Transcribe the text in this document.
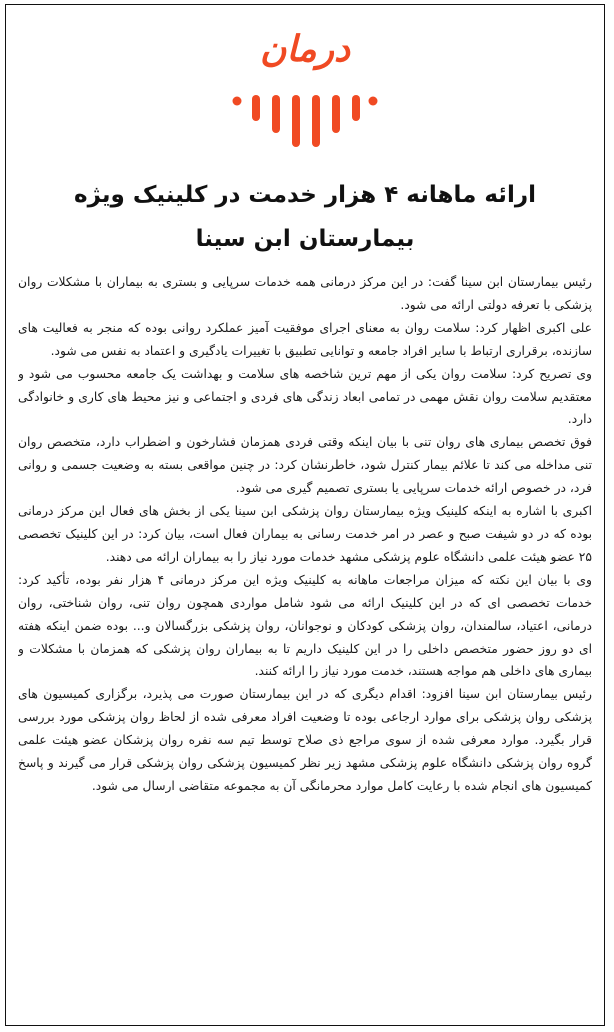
درمان
ارائه ماهانه ۴ هزار خدمت در کلینیک ویژه
بیمارستان ابن سینا

رئیس بیمارستان ابن سینا گفت: در این مرکز درمانی همه خدمات سرپایی و بستری به بیماران با مشکلات روان پزشکی با تعرفه دولتی ارائه می شود.

علی اکبری اظهار کرد: سلامت روان به معنای اجرای موفقیت آمیز عملکرد روانی بوده که منجر به فعالیت های سازنده، برقراری ارتباط با سایر افراد جامعه و توانایی تطبیق با تغییرات یادگیری و اعتماد به نفس می شود.

وی تصریح کرد: سلامت روان یکی از مهم ترین شاخصه های سلامت و بهداشت یک جامعه محسوب می شود و معتقدیم سلامت روان نقش مهمی در تمامی ابعاد زندگی های فردی و اجتماعی و نیز محیط های کاری و خانوادگی دارد.

فوق تخصص بیماری های روان تنی با بیان اینکه وقتی فردی همزمان فشارخون و اضطراب دارد، متخصص روان تنی مداخله می کند تا علائم بیمار کنترل شود، خاطرنشان کرد: در چنین مواقعی بسته به وضعیت جسمی و روانی فرد، در خصوص ارائه خدمات سرپایی یا بستری تصمیم گیری می شود.

اکبری با اشاره به اینکه کلینیک ویژه بیمارستان روان پزشکی ابن سینا یکی از بخش های فعال این مرکز درمانی بوده که در دو شیفت صبح و عصر در امر خدمت رسانی به بیماران فعال است، بیان کرد: در این کلینیک تخصصی ۲۵ عضو هیئت علمی دانشگاه علوم پزشکی مشهد خدمات مورد نیاز را به بیماران ارائه می دهند.

وی با بیان این نکته که میزان مراجعات ماهانه به کلینیک ویژه این مرکز درمانی ۴ هزار نفر بوده، تأکید کرد: خدمات تخصصی ای که در این کلینیک ارائه می شود شامل مواردی همچون روان تنی، روان شناختی، روان درمانی، اعتیاد، سالمندان، روان پزشکی کودکان و نوجوانان، روان پزشکی بزرگسالان و... بوده ضمن اینکه هفته ای دو روز حضور متخصص داخلی را در این کلینیک داریم تا به بیماران روان پزشکی که همزمان با مشکلات و بیماری های داخلی هم مواجه هستند، خدمت مورد نیاز را ارائه کنند.

رئیس بیمارستان ابن سینا افزود: اقدام دیگری که در این بیمارستان صورت می پذیرد، برگزاری کمیسیون های پزشکی روان پزشکی برای موارد ارجاعی بوده تا وضعیت افراد معرفی شده از لحاظ روان پزشکی مورد بررسی قرار بگیرد. موارد معرفی شده از سوی مراجع ذی صلاح توسط تیم سه نفره روان پزشکان عضو هیئت علمی گروه روان پزشکی دانشگاه علوم پزشکی مشهد زیر نظر کمیسیون پزشکی روان پزشکی قرار می گیرند و پاسخ کمیسیون های انجام شده با رعایت کامل موارد محرمانگی آن به مجموعه متقاضی ارسال می شود.
